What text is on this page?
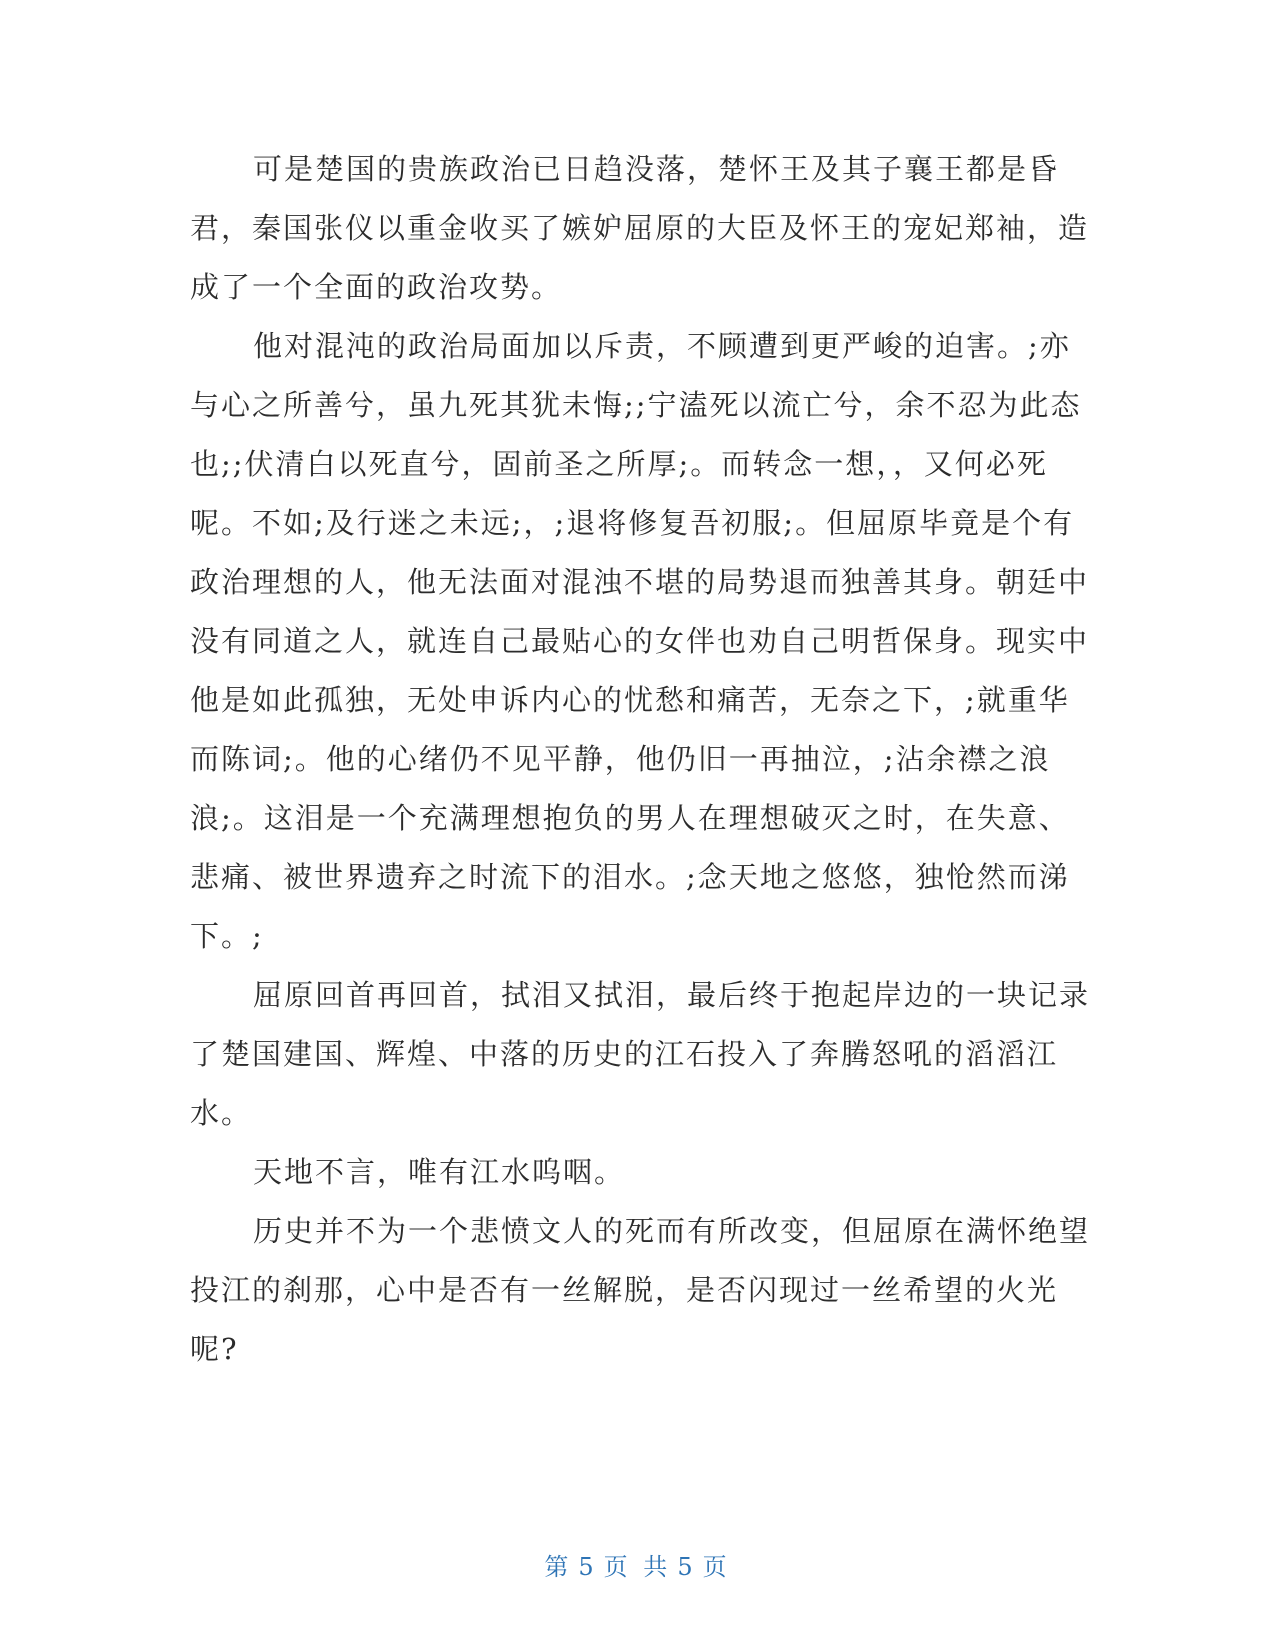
可是楚国的贵族政治已日趋没落，楚怀王及其子襄王都是昏君，秦国张仪以重金收买了嫉妒屈原的大臣及怀王的宠妃郑袖，造成了一个全面的政治攻势。

他对混沌的政治局面加以斥责，不顾遭到更严峻的迫害。;亦与心之所善兮，虽九死其犹未悔;;宁溘死以流亡兮，余不忍为此态也;;伏清白以死直兮，固前圣之所厚;。而转念一想，，又何必死呢。不如;及行迷之未远;，;退将修复吾初服;。但屈原毕竟是个有政治理想的人，他无法面对混浊不堪的局势退而独善其身。朝廷中没有同道之人，就连自己最贴心的女伴也劝自己明哲保身。现实中他是如此孤独，无处申诉内心的忧愁和痛苦，无奈之下，;就重华而陈词;。他的心绪仍不见平静，他仍旧一再抽泣，;沾余襟之浪浪;。这泪是一个充满理想抱负的男人在理想破灭之时，在失意、悲痛、被世界遗弃之时流下的泪水。;念天地之悠悠，独怆然而涕下。;

屈原回首再回首，拭泪又拭泪，最后终于抱起岸边的一块记录了楚国建国、辉煌、中落的历史的江石投入了奔腾怒吼的滔滔江水。

天地不言，唯有江水呜咽。

历史并不为一个悲愤文人的死而有所改变，但屈原在满怀绝望投江的刹那，心中是否有一丝解脱，是否闪现过一丝希望的火光呢?

第 5 页 共 5 页
